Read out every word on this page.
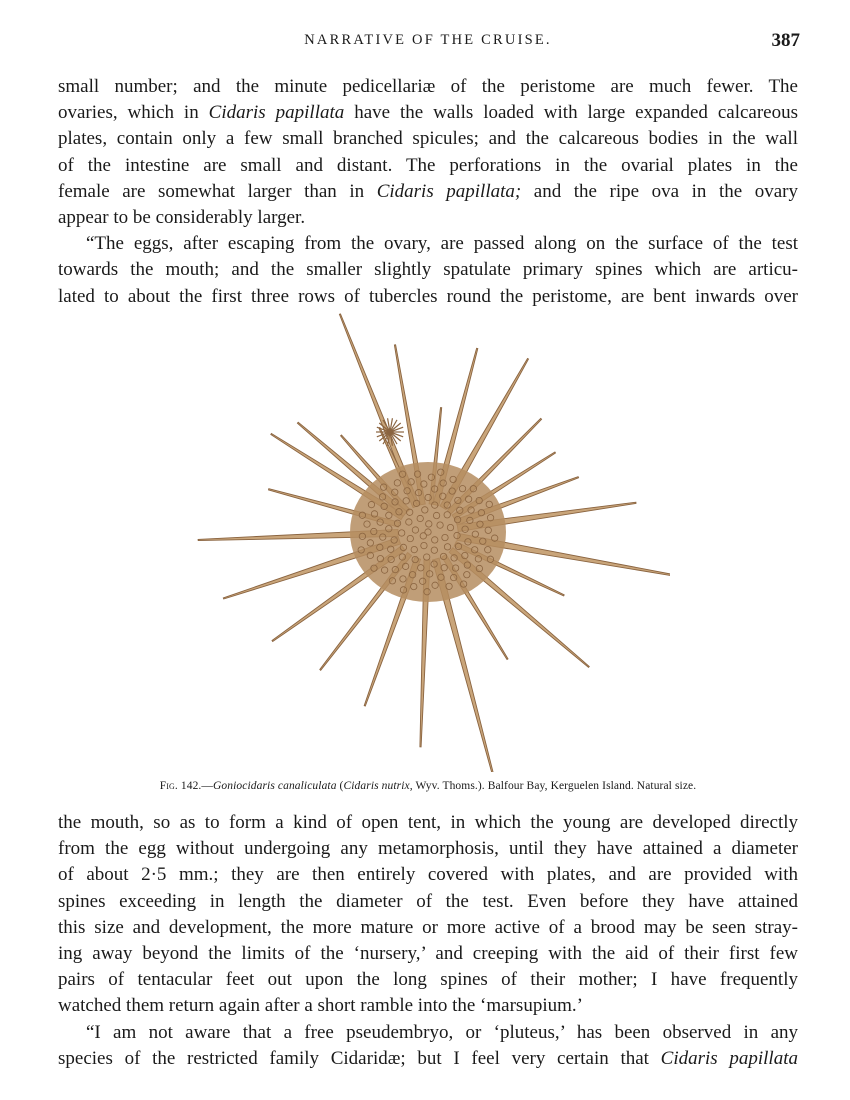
NARRATIVE OF THE CRUISE.	387
small number; and the minute pedicellariæ of the peristome are much fewer. The
ovaries, which in Cidaris papillata have the walls loaded with large expanded calcareous
plates, contain only a few small branched spicules; and the calcareous bodies in the wall
of the intestine are small and distant. The perforations in the ovarial plates in the
female are somewhat larger than in Cidaris papillata; and the ripe ova in the ovary
appear to be considerably larger.
“The eggs, after escaping from the ovary, are passed along on the surface of the test
towards the mouth; and the smaller slightly spatulate primary spines which are articu-
lated to about the first three rows of tubercles round the peristome, are bent inwards over
Fig. 142.—Goniocidaris canaliculata (Cidaris nutrix, Wyv. Thoms.). Balfour Bay, Kerguelen Island. Natural size.
the mouth, so as to form a kind of open tent, in which the young are developed directly
from the egg without undergoing any metamorphosis, until they have attained a diameter
of about 2·5 mm.; they are then entirely covered with plates, and are provided with
spines exceeding in length the diameter of the test. Even before they have attained
this size and development, the more mature or more active of a brood may be seen stray-
ing away beyond the limits of the ‘nursery,’ and creeping with the aid of their first few
pairs of tentacular feet out upon the long spines of their mother; I have frequently
watched them return again after a short ramble into the ‘marsupium.’
“I am not aware that a free pseudembryo, or ‘pluteus,’ has been observed in any
species of the restricted family Cidaridæ; but I feel very certain that Cidaris papillata
